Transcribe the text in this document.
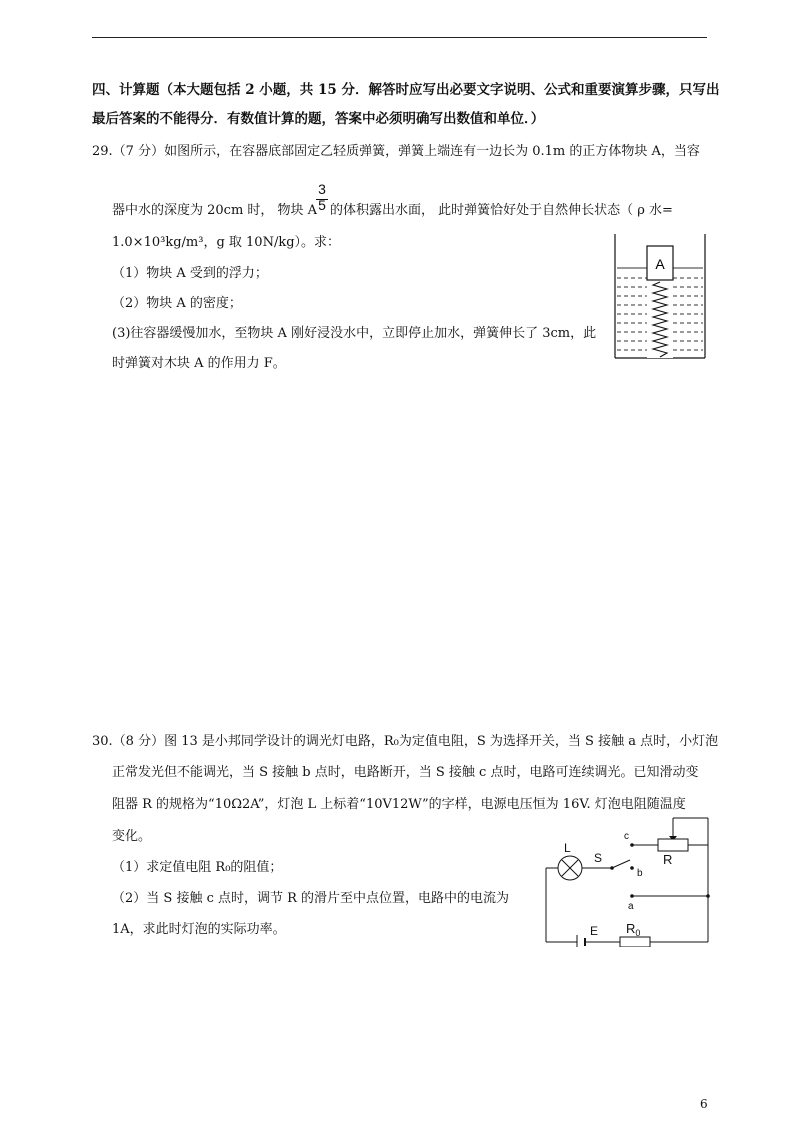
四、计算题（本大题包括 2 小题，共 15 分．解答时应写出必要文字说明、公式和重要演算步骤，只写出
最后答案的不能得分．有数值计算的题，答案中必须明确写出数值和单位．）
29.（7 分）如图所示，在容器底部固定乙轻质弹簧，弹簧上端连有一边长为 0.1m 的正方体物块 A，当容
器中水的深度为 20cm 时， 物块 A
3
5 的体积露出水面， 此时弹簧恰好处于自然伸长状态（ ρ 水=
1.0×10³kg/m³，g 取 10N/kg）。求：
（1）物块 A 受到的浮力；
（2）物块 A 的密度；
(3)往容器缓慢加水，至物块 A 刚好浸没水中，立即停止加水，弹簧伸长了 3cm，此
时弹簧对木块 A 的作用力 F。
A
30.（8 分）图 13 是小邦同学设计的调光灯电路，R₀为定值电阻，S 为选择开关，当 S 接触 a 点时，小灯泡
正常发光但不能调光，当 S 接触 b 点时，电路断开，当 S 接触 c 点时，电路可连续调光。已知滑动变
阻器 R 的规格为“10Ω2A”，灯泡 L 上标着“10V12W”的字样，电源电压恒为 16V. 灯泡电阻随温度
变化。
（1）求定值电阻 R₀的阻值；
（2）当 S 接触 c 点时，调节 R 的滑片至中点位置，电路中的电流为
1A，求此时灯泡的实际功率。
L
S
c
b
a
R
E $R_0$
6
